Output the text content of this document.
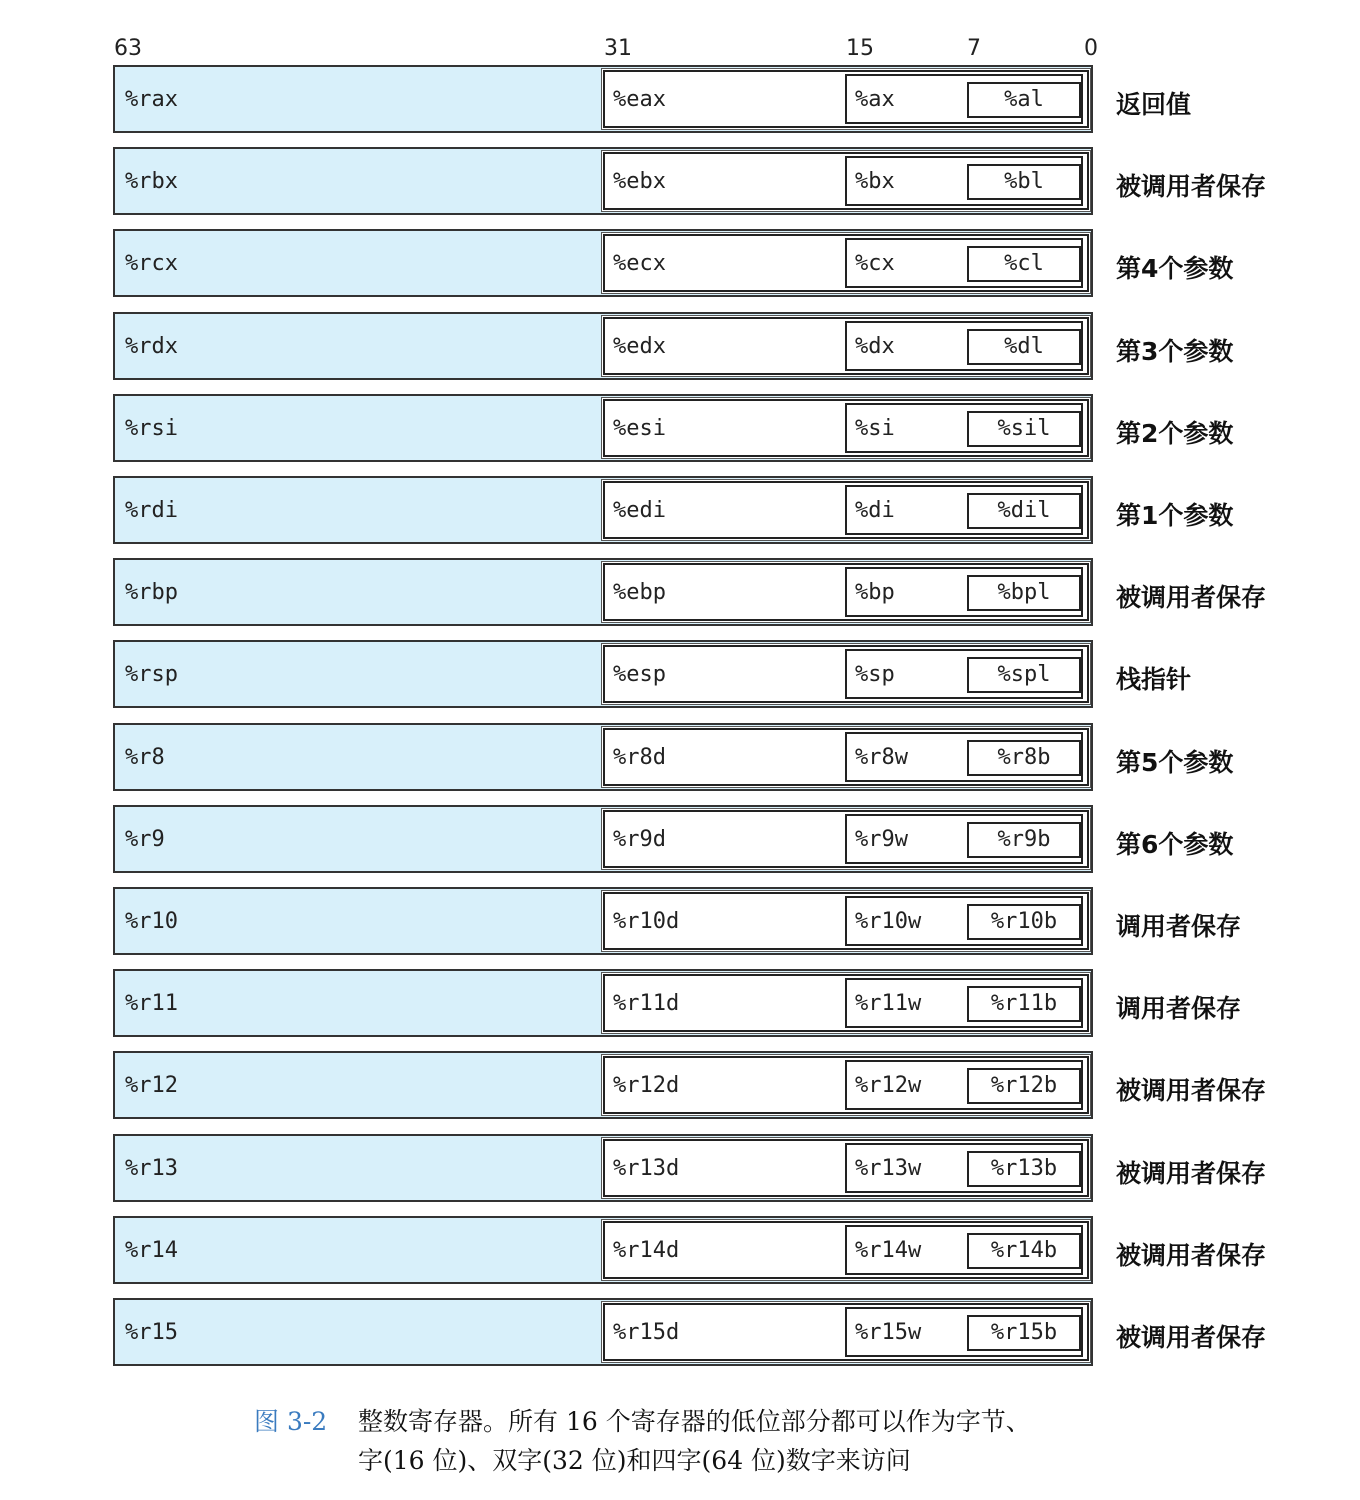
63	31	15	7	0
%rax	%eax	%ax	%al	返回值
%rbx	%ebx	%bx	%bl	被调用者保存
%rcx	%ecx	%cx	%cl	第4个参数
%rdx	%edx	%dx	%dl	第3个参数
%rsi	%esi	%si	%sil	第2个参数
%rdi	%edi	%di	%dil	第1个参数
%rbp	%ebp	%bp	%bpl	被调用者保存
%rsp	%esp	%sp	%spl	栈指针
%r8	%r8d	%r8w	%r8b	第5个参数
%r9	%r9d	%r9w	%r9b	第6个参数
%r10	%r10d	%r10w	%r10b	调用者保存
%r11	%r11d	%r11w	%r11b	调用者保存
%r12	%r12d	%r12w	%r12b	被调用者保存
%r13	%r13d	%r13w	%r13b	被调用者保存
%r14	%r14d	%r14w	%r14b	被调用者保存
%r15	%r15d	%r15w	%r15b	被调用者保存
图 3-2 整数寄存器。所有 16 个寄存器的低位部分都可以作为字节、
字(16 位)、双字(32 位)和四字(64 位)数字来访问
